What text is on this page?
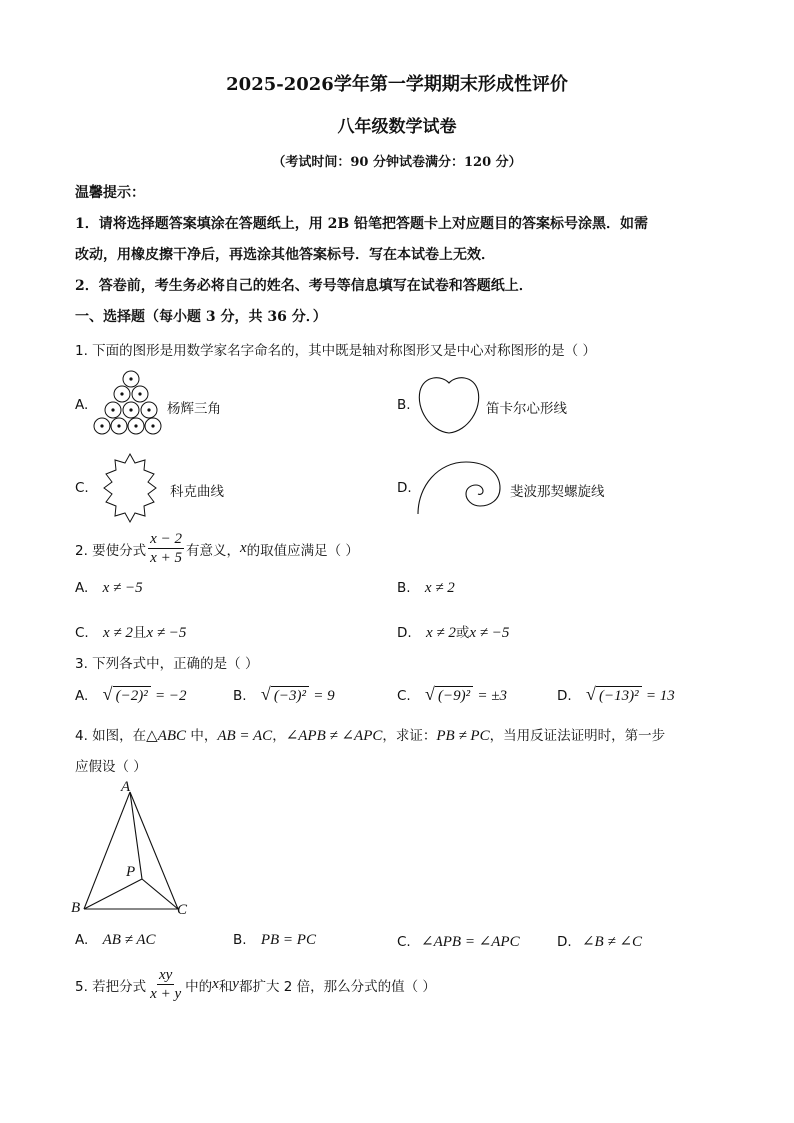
2025-2026学年第一学期期末形成性评价
八年级数学试卷
（考试时间：90 分钟试卷满分：120 分）
温馨提示：
1．请将选择题答案填涂在答题纸上，用 2B 铅笔把答题卡上对应题目的答案标号涂黑．如需
改动，用橡皮擦干净后，再选涂其他答案标号．写在本试卷上无效．
2．答卷前，考生务必将自己的姓名、考号等信息填写在试卷和答题纸上．
一、选择题（每小题 3 分，共 36 分．）
1. 下面的图形是用数学家名字命名的，其中既是轴对称图形又是中心对称图形的是（ ）
A.	杨辉三角	B.	笛卡尔心形线
C.	科克曲线	D.	斐波那契螺旋线
2. 要使分式 $\frac{x - 2}{x + 5}$ 有意义， x 的取值应满足（ ）
A. x ≠ −5	B. x ≠ 2
C. x ≠ 2且x ≠ −5	D. x ≠ 2或x ≠ −5
3. 下列各式中，正确的是（ ）
A. √ (−2)² = −2	B. √ (−3)² = 9	C. √ (−9)² = ±3	D. √ (−13)² = 13
4. 如图，在△ABC 中，AB = AC，∠APB ≠ ∠APC，求证：PB ≠ PC，当用反证法证明时，第一步
应假设（ ）
A
P
B	C
A. AB ≠ AC	B. PB = PC	C. ∠APB = ∠APC	D. ∠B ≠ ∠C
5. 若把分式 $\frac{xy}{x + y}$ 中的 x 和 y 都扩大 2 倍，那么分式的值（ ）
